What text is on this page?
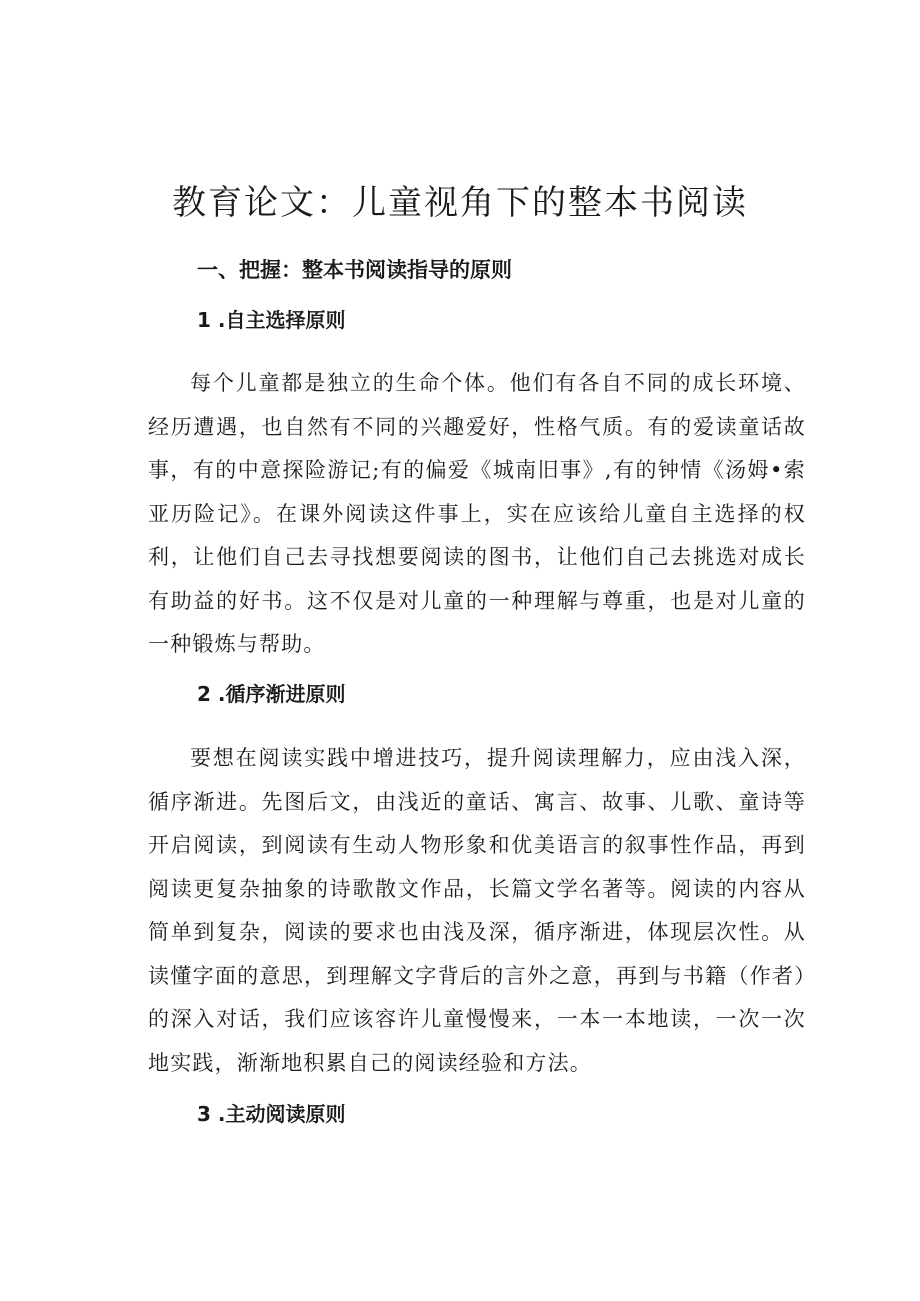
教育论文：儿童视角下的整本书阅读
一、把握：整本书阅读指导的原则
1 .自主选择原则

每个儿童都是独立的生命个体。他们有各自不同的成长环境、经历遭遇，也自然有不同的兴趣爱好，性格气质。有的爱读童话故事，有的中意探险游记;有的偏爱《城南旧事》,有的钟情《汤姆•索亚历险记》。在课外阅读这件事上，实在应该给儿童自主选择的权利，让他们自己去寻找想要阅读的图书，让他们自己去挑选对成长有助益的好书。这不仅是对儿童的一种理解与尊重，也是对儿童的一种锻炼与帮助。

2 .循序渐进原则

要想在阅读实践中增进技巧，提升阅读理解力，应由浅入深，循序渐进。先图后文，由浅近的童话、寓言、故事、儿歌、童诗等开启阅读，到阅读有生动人物形象和优美语言的叙事性作品，再到阅读更复杂抽象的诗歌散文作品，长篇文学名著等。阅读的内容从简单到复杂，阅读的要求也由浅及深，循序渐进，体现层次性。从读懂字面的意思，到理解文字背后的言外之意，再到与书籍（作者）的深入对话，我们应该容许儿童慢慢来，一本一本地读，一次一次地实践，渐渐地积累自己的阅读经验和方法。

3 .主动阅读原则
